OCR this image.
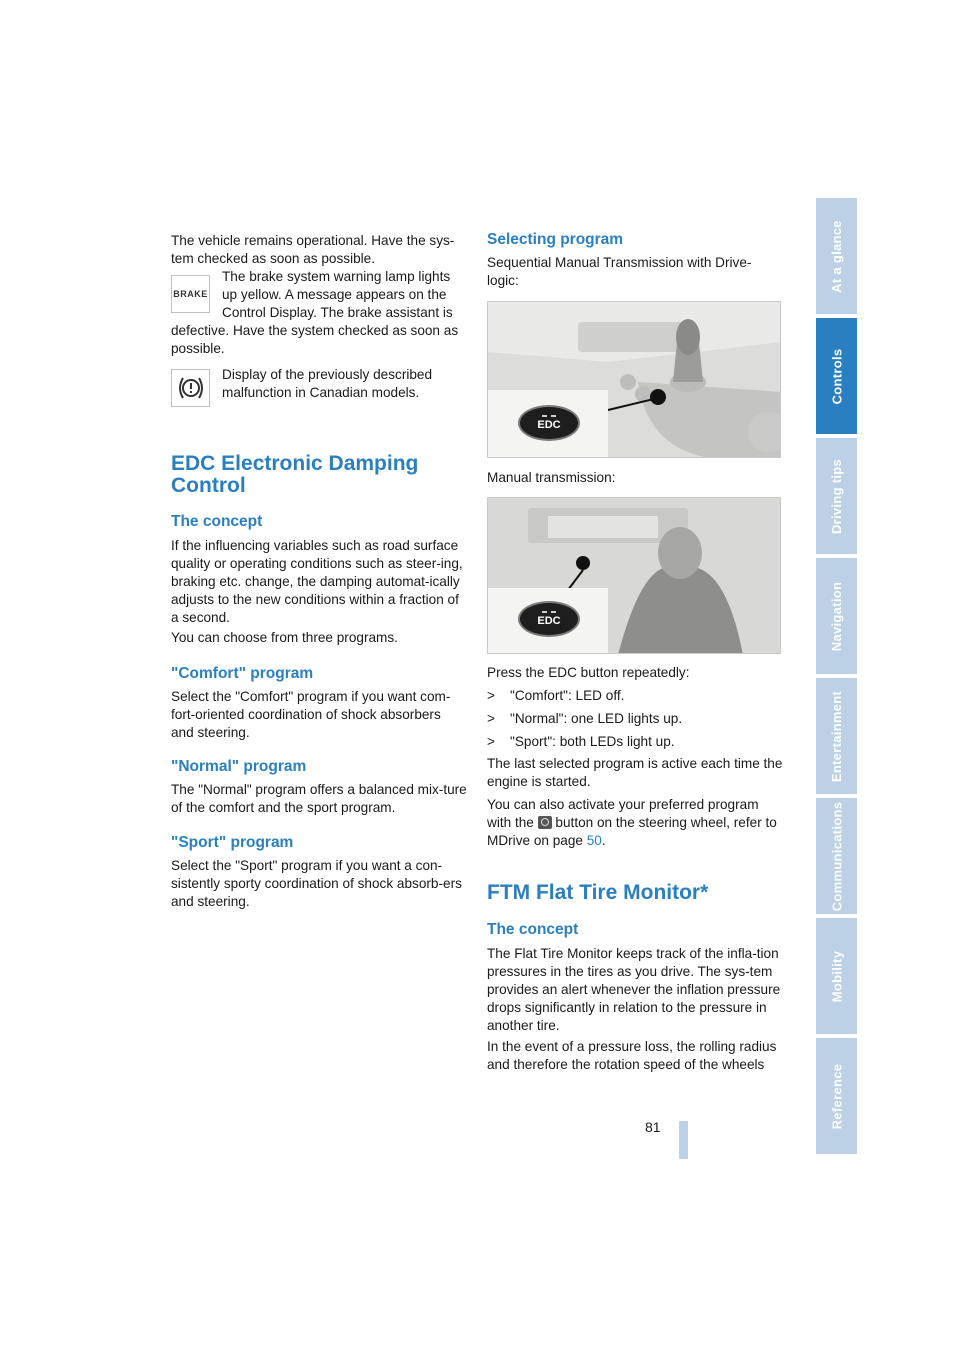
The vehicle remains operational. Have the sys-tem checked as soon as possible.

BRAKE

The brake system warning lamp lights up yellow. A message appears on the Control Display. The brake assistant is

defective. Have the system checked as soon as possible.

Display of the previously described malfunction in Canadian models.

EDC Electronic Damping
Control
The concept

If the influencing variables such as road surface quality or operating conditions such as steer-ing, braking etc. change, the damping automat-ically adjusts to the new conditions within a fraction of a second.

You can choose from three programs.

"Comfort" program

Select the "Comfort" program if you want com-fort-oriented coordination of shock absorbers and steering.

"Normal" program

The "Normal" program offers a balanced mix-ture of the comfort and the sport program.

"Sport" program

Select the "Sport" program if you want a con-sistently sporty coordination of shock absorb-ers and steering.

Selecting program

Sequential Manual Transmission with Drive-logic:

EDC

Manual transmission:

EDC

Press the EDC button repeatedly:

> "Comfort": LED off.

> "Normal": one LED lights up.

> "Sport": both LEDs light up.

The last selected program is active each time the engine is started.

You can also activate your preferred program with the button on the steering wheel, refer to MDrive on page 50.

FTM Flat Tire Monitor*
The concept

The Flat Tire Monitor keeps track of the infla-tion pressures in the tires as you drive. The sys-tem provides an alert whenever the inflation pressure drops significantly in relation to the pressure in another tire.

In the event of a pressure loss, the rolling radius and therefore the rotation speed of the wheels

At a glance
Controls
Driving tips
Navigation
Entertainment
Communications
Mobility
Reference
81
